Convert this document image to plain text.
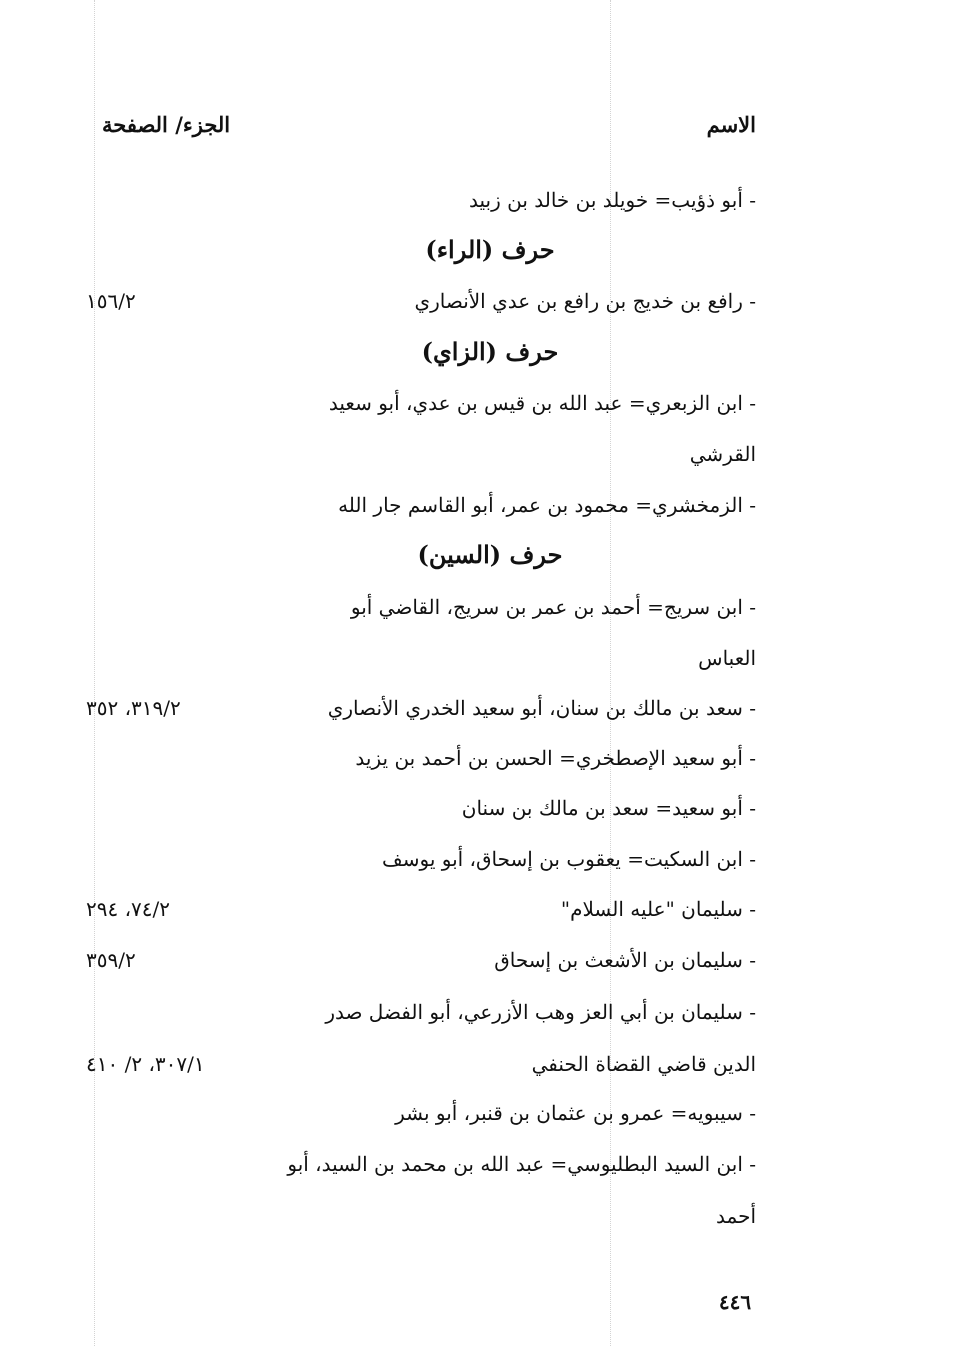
الاسم
الجزء/ الصفحة
- أبو ذؤيب= خويلد بن خالد بن زبيد
حرف (الراء)
- رافع بن خديج بن رافع بن عدي الأنصاري
١٥٦/٢
حرف (الزاي)
- ابن الزبعري= عبد الله بن قيس بن عدي، أبو سعيد
القرشي
- الزمخشري= محمود بن عمر، أبو القاسم جار الله
حرف (السين)
- ابن سريج= أحمد بن عمر بن سريج، القاضي أبو
العباس
- سعد بن مالك بن سنان، أبو سعيد الخدري الأنصاري
٣١٩/٢، ٣٥٢
- أبو سعيد الإصطخري= الحسن بن أحمد بن يزيد
- أبو سعيد= سعد بن مالك بن سنان
- ابن السكيت= يعقوب بن إسحاق، أبو يوسف
- سليمان "عليه السلام"
٧٤/٢، ٢٩٤
- سليمان بن الأشعث بن إسحاق
٣٥٩/٢
- سليمان بن أبي العز وهب الأزرعي، أبو الفضل صدر
الدين قاضي القضاة الحنفي
٣٠٧/١، ٢/ ٤١٠
- سيبويه= عمرو بن عثمان بن قنبر، أبو بشر
- ابن السيد البطليوسي= عبد الله بن محمد بن السيد، أبو
أحمد
٤٤٦
